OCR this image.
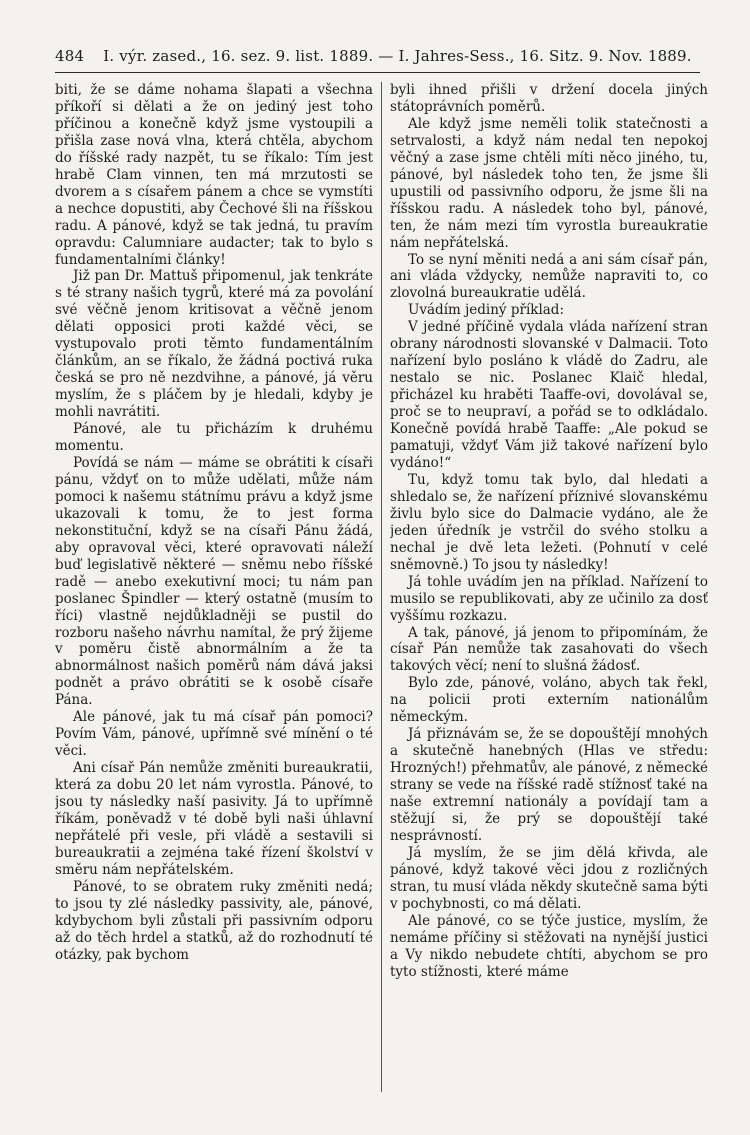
484 I. výr. zased., 16. sez. 9. list. 1889. — I. Jahres-Sess., 16. Sitz. 9. Nov. 1889.

biti, že se dáme nohama šlapati a všechna příkoří si dělati a že on jediný jest toho příčinou a konečně když jsme vystoupili a přišla zase nová vlna, která chtěla, abychom do říšské rady nazpět, tu se říkalo: Tím jest hrabě Clam vinnen, ten má mrzutosti se dvorem a s císařem pánem a chce se vymstíti a nechce dopustiti, aby Čechové šli na říšskou radu. A pánové, když se tak jedná, tu pravím opravdu: Calumniare audacter; tak to bylo s fundamentalními články!

Již pan Dr. Mattuš připomenul, jak tenkráte s té strany našich tygrů, které má za povolání své věčně jenom kritisovat a věčně jenom dělati opposici proti každé věci, se vystupovalo proti těmto fundamentálním článkům, an se říkalo, že žádná poctivá ruka česká se pro ně nezdvihne, a pánové, já věru myslím, že s pláčem by je hledali, kdyby je mohli navrátiti.

Pánové, ale tu přicházím k druhému momentu.

Povídá se nám — máme se obrátiti k císaři pánu, vždyť on to může udělati, může nám pomoci k našemu státnímu právu a když jsme ukazovali k tomu, že to jest forma nekonstituční, když se na císaři Pánu žádá, aby opravoval věci, které opravovati náleží buď legislativě některé — sněmu nebo říšské radě — anebo exekutivní moci; tu nám pan poslanec Špindler — který ostatně (musím to říci) vlastně nejdůkladněji se pustil do rozboru našeho návrhu namítal, že prý žijeme v poměru čistě abnormálním a že ta abnormálnost našich poměrů nám dává jaksi podnět a právo obrátiti se k osobě císaře Pána.

Ale pánové, jak tu má císař pán pomoci? Povím Vám, pánové, upřímně své mínění o té věci.

Ani císař Pán nemůže změniti bureaukratii, která za dobu 20 let nám vyrostla. Pánové, to jsou ty následky naší pasivity. Já to upřímně říkám, poněvadž v té době byli naši úhlavní nepřátelé při vesle, při vládě a sestavili si bureaukratii a zejména také řízení školství v směru nám nepřátelském.

Pánové, to se obratem ruky změniti nedá; to jsou ty zlé následky passivity, ale, pánové, kdybychom byli zůstali při passivním odporu až do těch hrdel a statků, až do rozhodnutí té otázky, pak bychom

byli ihned přišli v držení docela jiných státoprávních poměrů.

Ale když jsme neměli tolik statečnosti a setrvalosti, a když nám nedal ten nepokoj věčný a zase jsme chtěli míti něco jiného, tu, pánové, byl následek toho ten, že jsme šli upustili od passivního odporu, že jsme šli na říšskou radu. A následek toho byl, pánové, ten, že nám mezi tím vyrostla bureaukratie nám nepřátelská.

To se nyní měniti nedá a ani sám císař pán, ani vláda vždycky, nemůže napraviti to, co zlovolná bureaukratie udělá.

Uvádím jediný příklad:

V jedné příčině vydala vláda nařízení stran obrany národnosti slovanské v Dalmacii. Toto nařízení bylo posláno k vládě do Zadru, ale nestalo se nic. Poslanec Klaič hledal, přicházel ku hraběti Taaffe-ovi, dovolával se, proč se to neupraví, a pořád se to odkládalo. Konečně povídá hrabě Taaffe: „Ale pokud se pamatuji, vždyť Vám již takové nařízení bylo vydáno!“

Tu, když tomu tak bylo, dal hledati a shledalo se, že nařízení příznivé slovanskému živlu bylo sice do Dalmacie vydáno, ale že jeden úředník je vstrčil do svého stolku a nechal je dvě leta ležeti. (Pohnutí v celé sněmovně.) To jsou ty následky!

Já tohle uvádím jen na příklad. Nařízení to musilo se republikovati, aby ze učinilo za dosť vyššímu rozkazu.

A tak, pánové, já jenom to připomínám, že císař Pán nemůže tak zasahovati do všech takových věcí; není to slušná žádosť.

Bylo zde, pánové, voláno, abych tak řekl, na policii proti externím nationálům německým.

Já přiznávám se, že se dopouštějí mnohých a skutečně hanebných (Hlas ve středu: Hrozných!) přehmatův, ale pánové, z německé strany se vede na říšské radě stížnosť také na naše extremní nationály a povídají tam a stěžují si, že prý se dopouštějí také nesprávností.

Já myslím, že se jim dělá křivda, ale pánové, když takové věci jdou z rozličných stran, tu musí vláda někdy skutečně sama býti v pochybnosti, co má dělati.

Ale pánové, co se týče justice, myslím, že nemáme příčiny si stěžovati na nynější justici a Vy nikdo nebudete chtíti, abychom se pro tyto stížnosti, které máme
